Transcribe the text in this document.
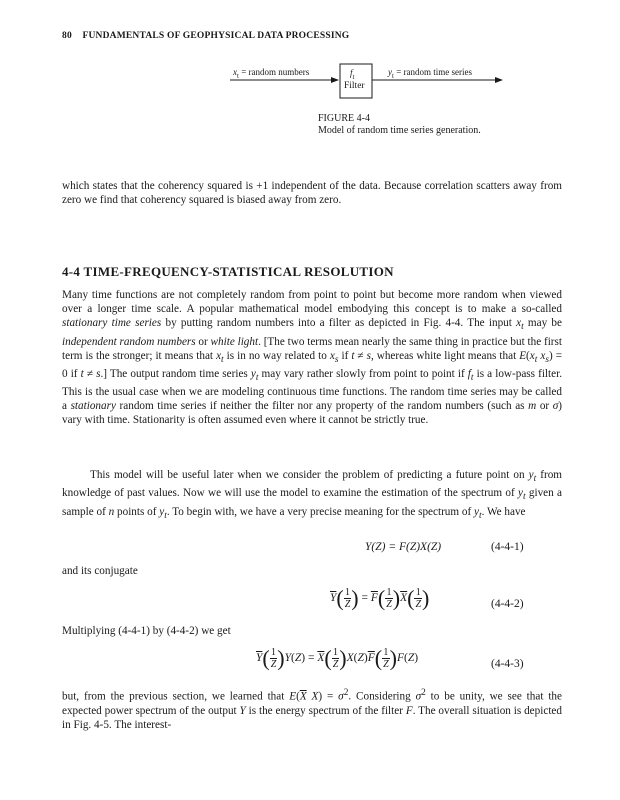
80 FUNDAMENTALS OF GEOPHYSICAL DATA PROCESSING
$x_t$ = random numbers	$y_t$ = random time series
$f_t$
Filter
FIGURE 4-4
Model of random time series generation.

which states that the coherency squared is +1 independent of the data. Because correlation scatters away from zero we find that coherency squared is biased away from zero.

4-4 TIME-FREQUENCY-STATISTICAL RESOLUTION

Many time functions are not completely random from point to point but become more random when viewed over a longer time scale. A popular mathematical model embodying this concept is to make a so-called stationary time series by putting random numbers into a filter as depicted in Fig. 4-4. The input $x_t$ may be independent random numbers or white light. [The two terms mean nearly the same thing in practice but the first term is the stronger; it means that $x_t$ is in no way related to $x_s$ if t ≠ s, whereas white light means that $E(x_t$ $x_s) = 0$ if t ≠ s.] The output random time series $y_t$ may vary rather slowly from point to point if $f_t$ is a low-pass filter. This is the usual case when we are modeling continuous time functions. The random time series may be called a stationary random time series if neither the filter nor any property of the random numbers (such as m or σ) vary with time. Stationarity is often assumed even where it cannot be strictly true.

This model will be useful later when we consider the problem of predicting a future point on $y_t$ from knowledge of past values. Now we will use the model to examine the estimation of the spectrum of $y_t$ given a sample of n points of $y_t$. To begin with, we have a very precise meaning for the spectrum of $y_t$. We have

Y(Z) = F(Z)X(Z)	(4-4-1)
and its conjugate
$\overline{Y}( \frac{1}{Z}$ ) = $\overline{F}( \frac{1}{Z} )\overline{X}( \frac{1}{Z}$ )	(4-4-2)
Multiplying (4-4-1) by (4-4-2) we get
$\overline{Y}( \frac{1}{Z} )Y(Z) = \overline{X}( \frac{1}{Z} )X(Z)\overline{F}( \frac{1}{Z} )F(Z)$	(4-4-3)

but, from the previous section, we learned that $E(\overline{X}$ $X) = \sigma^2$. Considering $\sigma^2$ to be unity, we see that the expected power spectrum of the output Y is the energy spectrum of the filter F. The overall situation is depicted in Fig. 4-5. The interest-
